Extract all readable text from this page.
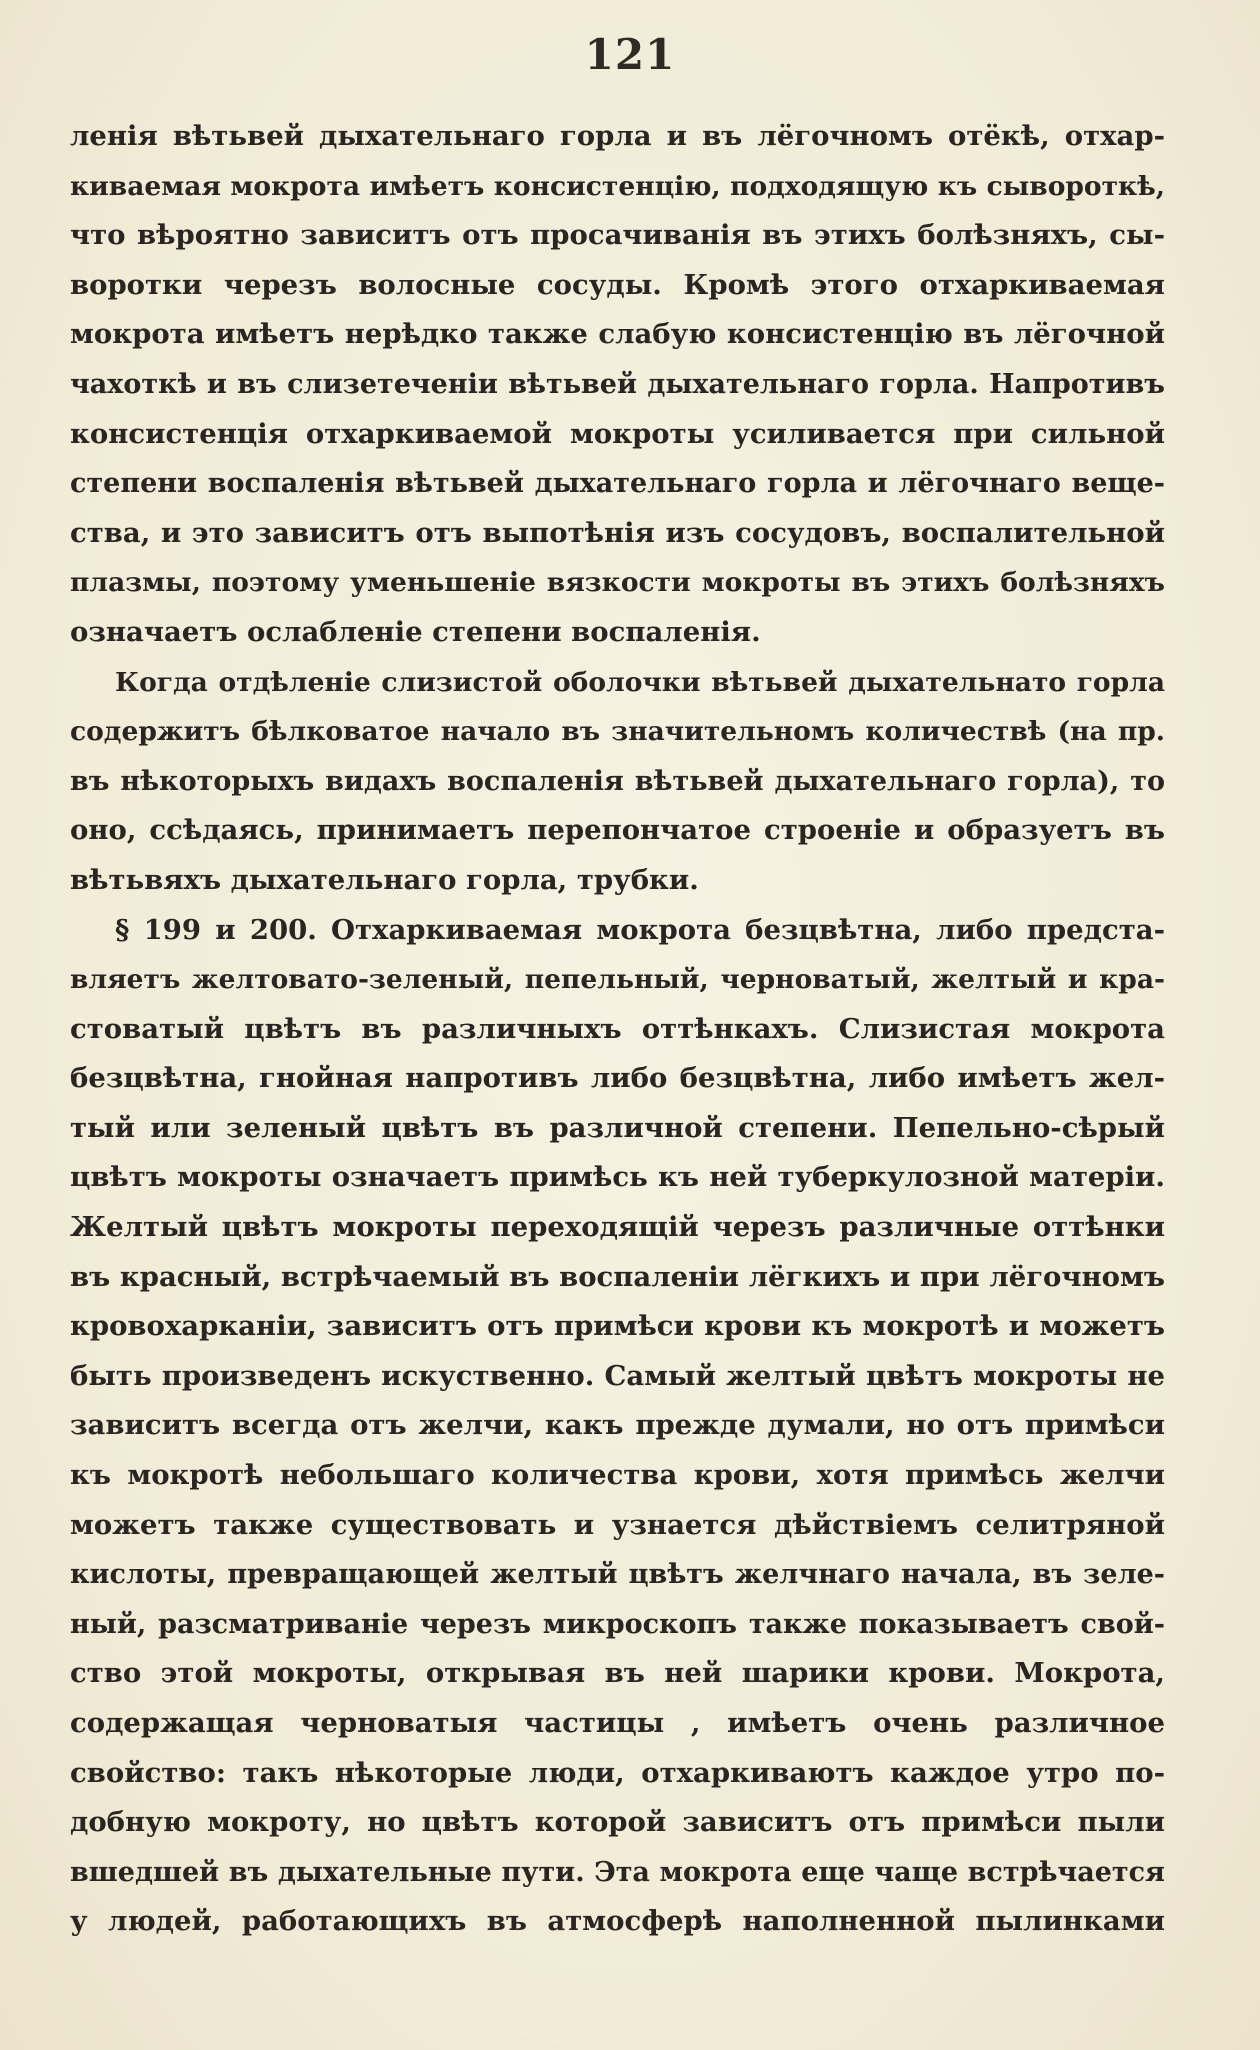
121
ленія вѣтьвей дыхательнаго горла и въ лёгочномъ отёкѣ, отхар-
киваемая мокрота имѣетъ консистенцію, подходящую къ сывороткѣ,
что вѣроятно зависитъ отъ просачиванія въ этихъ болѣзняхъ, сы-
воротки черезъ волосные сосуды. Кромѣ этого отхаркиваемая
мокрота имѣетъ нерѣдко также слабую консистенцію въ лёгочной
чахоткѣ и въ слизетеченіи вѣтьвей дыхательнаго горла. Напротивъ
консистенція отхаркиваемой мокроты усиливается при сильной
степени воспаленія вѣтьвей дыхательнаго горла и лёгочнаго веще-
ства, и это зависитъ отъ выпотѣнія изъ сосудовъ, воспалительной
плазмы, поэтому уменьшеніе вязкости мокроты въ этихъ болѣзняхъ
означаетъ ослабленіе степени воспаленія.
Когда отдѣленіе слизистой оболочки вѣтьвей дыхательнато горла
содержитъ бѣлковатое начало въ значительномъ количествѣ (на пр.
въ нѣкоторыхъ видахъ воспаленія вѣтьвей дыхательнаго горла), то
оно, ссѣдаясь, принимаетъ перепончатое строеніе и образуетъ въ
вѣтьвяхъ дыхательнаго горла, трубки.
§ 199 и 200. Отхаркиваемая мокрота безцвѣтна, либо предста-
вляетъ желтовато-зеленый, пепельный, черноватый, желтый и кра-
стоватый цвѣтъ въ различныхъ оттѣнкахъ. Слизистая мокрота
безцвѣтна, гнойная напротивъ либо безцвѣтна, либо имѣетъ жел-
тый или зеленый цвѣтъ въ различной степени. Пепельно-сѣрый
цвѣтъ мокроты означаетъ примѣсь къ ней туберкулозной матеріи.
Желтый цвѣтъ мокроты переходящій черезъ различные оттѣнки
въ красный, встрѣчаемый въ воспаленіи лёгкихъ и при лёгочномъ
кровохарканіи, зависитъ отъ примѣси крови къ мокротѣ и можетъ
быть произведенъ искуственно. Самый желтый цвѣтъ мокроты не
зависитъ всегда отъ желчи, какъ прежде думали, но отъ примѣси
къ мокротѣ небольшаго количества крови, хотя примѣсь желчи
можетъ также существовать и узнается дѣйствіемъ селитряной
кислоты, превращающей желтый цвѣтъ желчнаго начала, въ зеле-
ный, разсматриваніе черезъ микроскопъ также показываетъ свой-
ство этой мокроты, открывая въ ней шарики крови. Мокрота,
содержащая черноватыя частицы , имѣетъ очень различное
свойство: такъ нѣкоторые люди, отхаркиваютъ каждое утро по-
добную мокроту, но цвѣтъ которой зависитъ отъ примѣси пыли
вшедшей въ дыхательные пути. Эта мокрота еще чаще встрѣчается
у людей, работающихъ въ атмосферѣ наполненной пылинками
